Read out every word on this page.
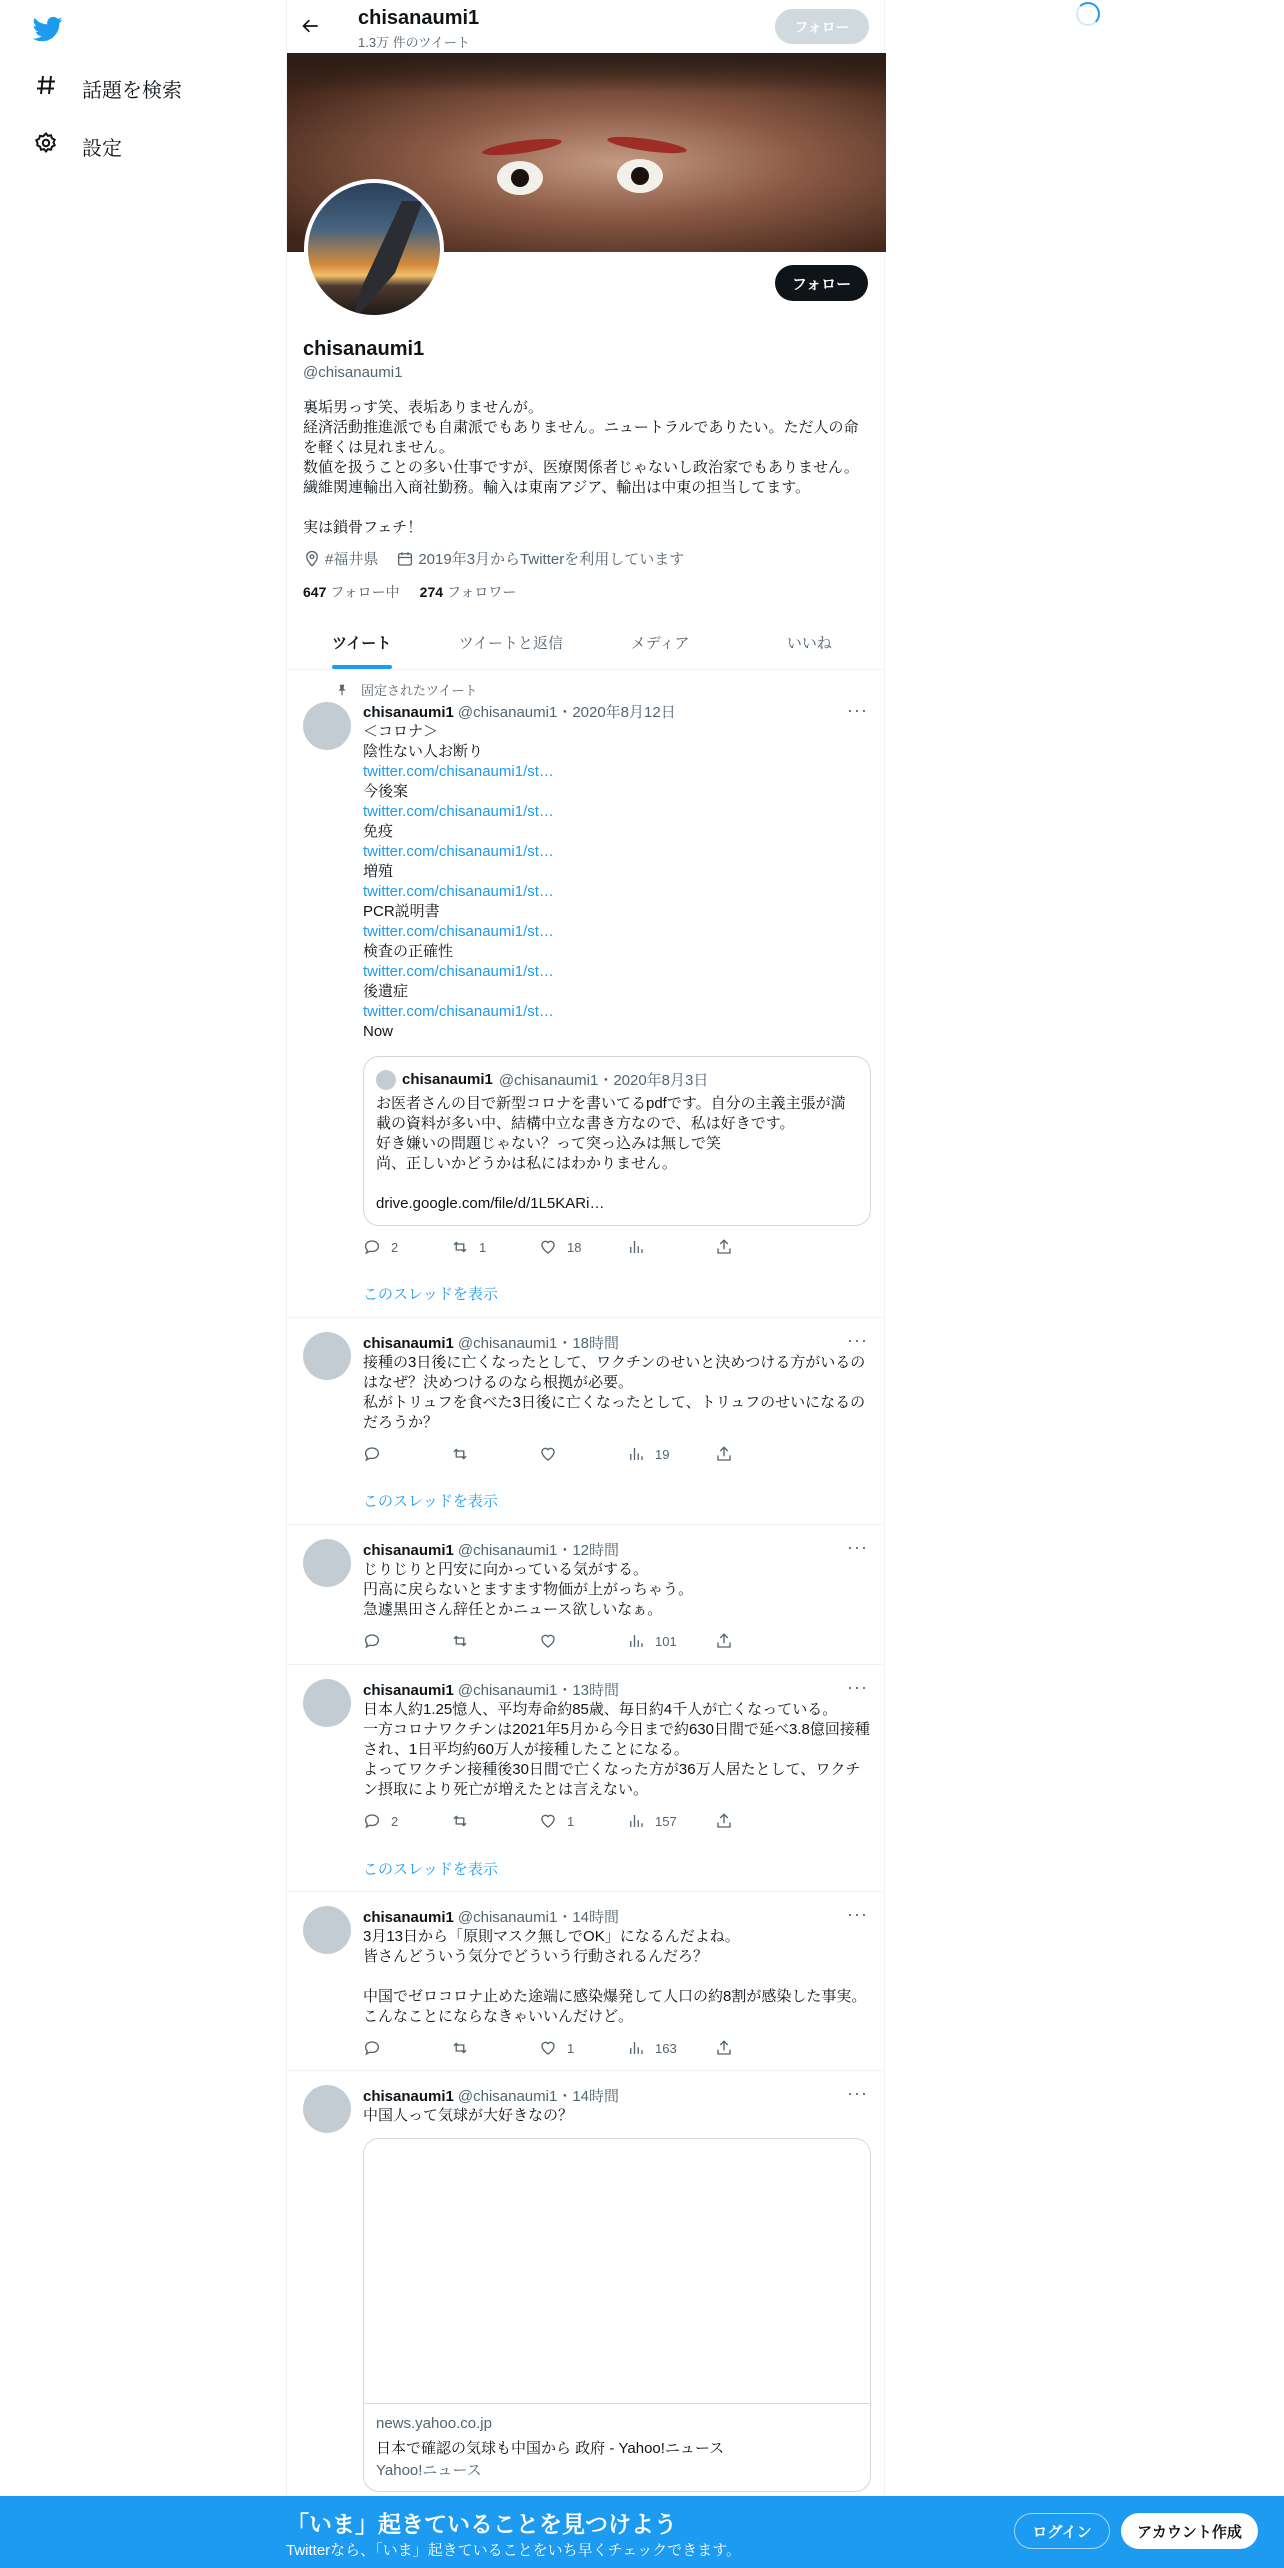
話題を検索
設定
chisanaumi1
1.3万 件のツイート
フォロー
フォロー
chisanaumi1
@chisanaumi1
裏垢男っす笑、表垢ありませんが。
経済活動推進派でも自粛派でもありません。ニュートラルでありたい。ただ人の命
を軽くは見れません。
数値を扱うことの多い仕事ですが、医療関係者じゃないし政治家でもありません。
繊維関連輸出入商社勤務。輸入は東南アジア、輸出は中東の担当してます。
実は鎖骨フェチ！
#福井県	2019年3月からTwitterを利用しています
647 フォロー中 274 フォロワー
ツイート	ツイートと返信	メディア	いいね
固定されたツイート
chisanaumi1 @chisanaumi1・2020年8月12日	···
＜コロナ＞
陰性ない人お断り
twitter.com/chisanaumi1/st…
今後案
twitter.com/chisanaumi1/st…
免疫
twitter.com/chisanaumi1/st…
増殖
twitter.com/chisanaumi1/st…
PCR説明書
twitter.com/chisanaumi1/st…
検査の正確性
twitter.com/chisanaumi1/st…
後遺症
twitter.com/chisanaumi1/st…
Now
chisanaumi1 @chisanaumi1・2020年8月3日
お医者さんの目で新型コロナを書いてるpdfです。自分の主義主張が満
載の資料が多い中、結構中立な書き方なので、私は好きです。
好き嫌いの問題じゃない？って突っ込みは無しで笑
尚、正しいかどうかは私にはわかりません。
drive.google.com/file/d/1L5KARi…
2	1	18
このスレッドを表示
chisanaumi1 @chisanaumi1・18時間	···
接種の3日後に亡くなったとして、ワクチンのせいと決めつける方がいるの
はなぜ？決めつけるのなら根拠が必要。
私がトリュフを食べた3日後に亡くなったとして、トリュフのせいになるの
だろうか？
19
このスレッドを表示
chisanaumi1 @chisanaumi1・12時間	···
じりじりと円安に向かっている気がする。
円高に戻らないとますます物価が上がっちゃう。
急遽黒田さん辞任とかニュース欲しいなぁ。
101
chisanaumi1 @chisanaumi1・13時間	···
日本人約1.25憶人、平均寿命約85歳、毎日約4千人が亡くなっている。
一方コロナワクチンは2021年5月から今日まで約630日間で延べ3.8億回接種
され、1日平均約60万人が接種したことになる。
よってワクチン接種後30日間で亡くなった方が36万人居たとして、ワクチ
ン摂取により死亡が増えたとは言えない。
2	1	157
このスレッドを表示
chisanaumi1 @chisanaumi1・14時間	···
3月13日から「原則マスク無しでOK」になるんだよね。
皆さんどういう気分でどういう行動されるんだろ？
中国でゼロコロナ止めた途端に感染爆発して人口の約8割が感染した事実。
こんなことにならなきゃいいんだけど。
1	163
chisanaumi1 @chisanaumi1・14時間	···
中国人って気球が大好きなの？
news.yahoo.co.jp
日本で確認の気球も中国から 政府 - Yahoo!ニュース
Yahoo!ニュース
「いま」起きていることを見つけよう
Twitterなら、「いま」起きていることをいち早くチェックできます。
ログイン	アカウント作成
